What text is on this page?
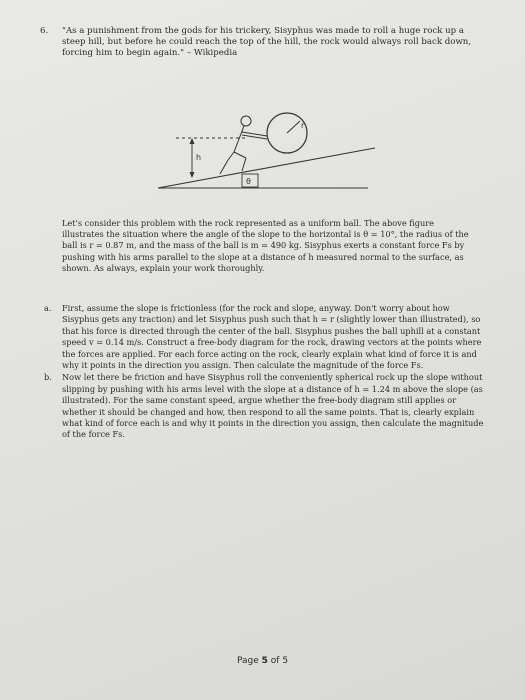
6. "As a punishment from the gods for his trickery, Sisyphus was made to roll a huge rock up a steep hill, but before he could reach the top of the hill, the rock would always roll back down, forcing him to begin again." – Wikipedia
h
θ
r
Let's consider this problem with the rock represented as a uniform ball. The above figure illustrates the situation where the angle of the slope to the horizontal is θ = 10°, the radius of the ball is r = 0.87 m, and the mass of the ball is m = 490 kg. Sisyphus exerts a constant force Fs by pushing with his arms parallel to the slope at a distance of h measured normal to the surface, as shown. As always, explain your work thoroughly.
a.	First, assume the slope is frictionless (for the rock and slope, anyway. Don't worry about how Sisyphus gets any traction) and let Sisyphus push such that h = r (slightly lower than illustrated), so that his force is directed through the center of the ball. Sisyphus pushes the ball uphill at a constant speed v = 0.14 m/s. Construct a free-body diagram for the rock, drawing vectors at the points where the forces are applied. For each force acting on the rock, clearly explain what kind of force it is and why it points in the direction you assign. Then calculate the magnitude of the force Fs.
b.	Now let there be friction and have Sisyphus roll the conveniently spherical rock up the slope without slipping by pushing with his arms level with the slope at a distance of h = 1.24 m above the slope (as illustrated). For the same constant speed, argue whether the free-body diagram still applies or whether it should be changed and how, then respond to all the same points. That is, clearly explain what kind of force each is and why it points in the direction you assign, then calculate the magnitude of the force Fs.
Page 5 of 5
